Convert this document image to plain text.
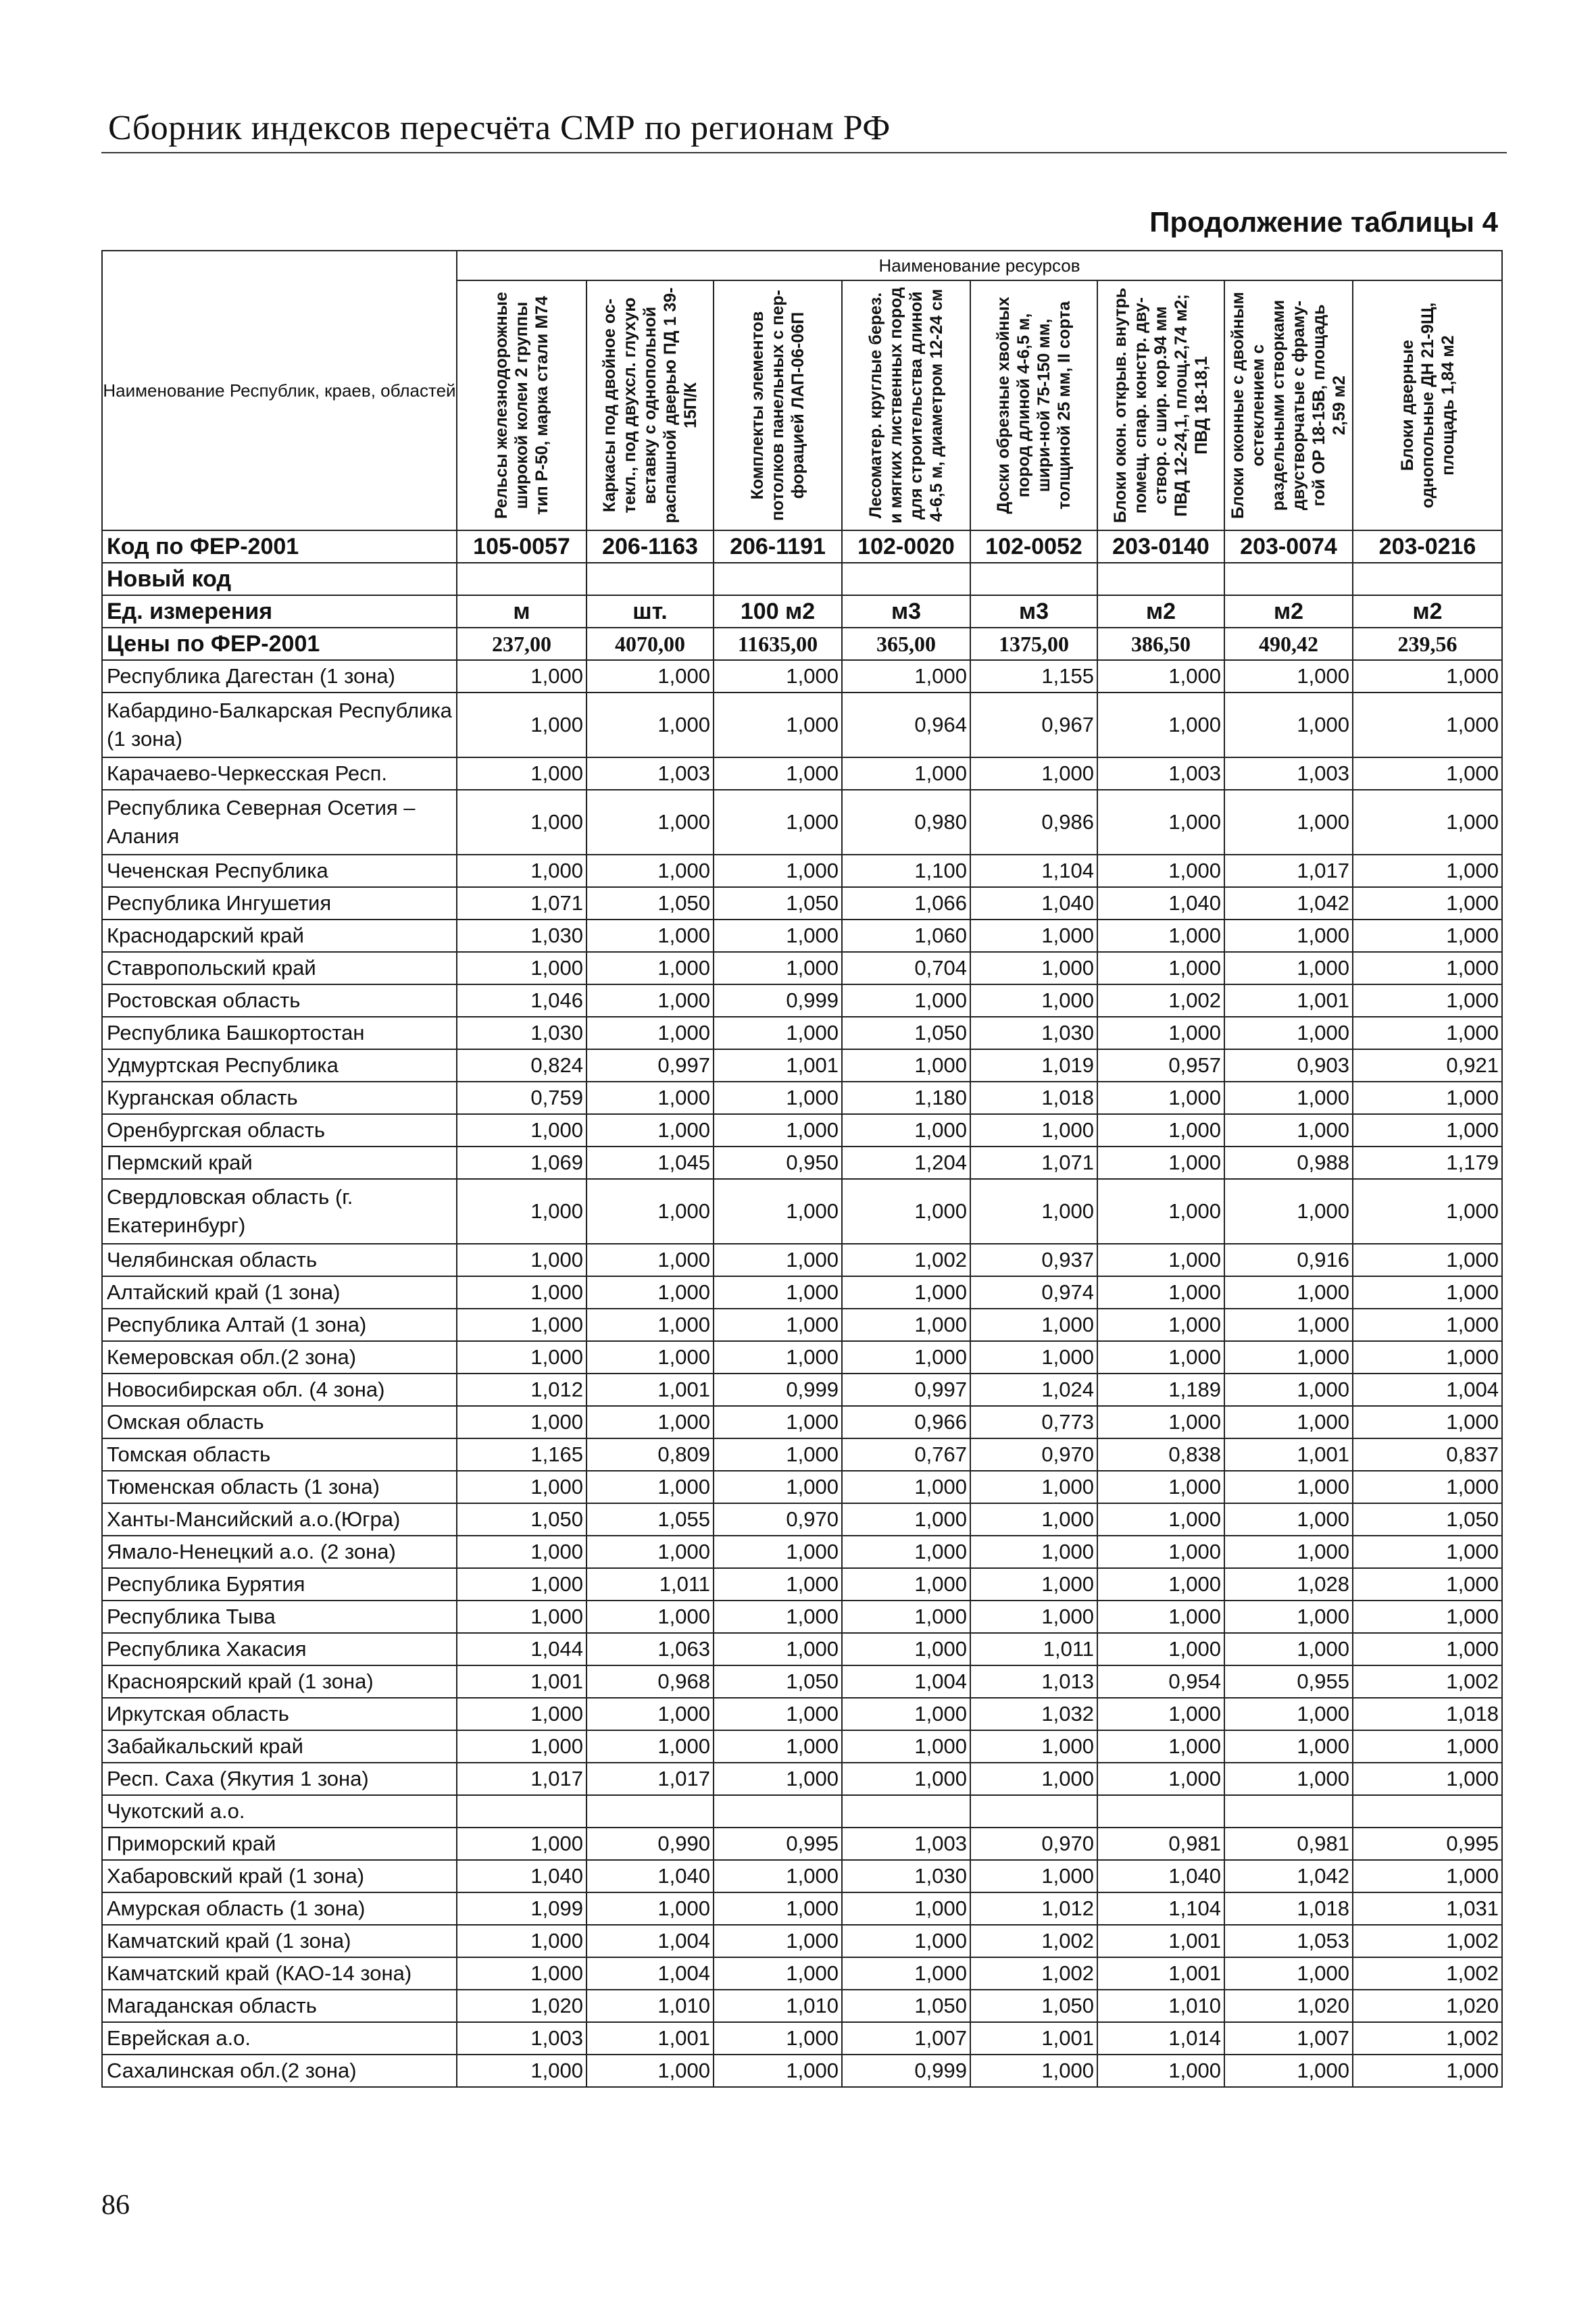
Сборник индексов пересчёта СМР по регионам РФ
Продолжение таблицы 4
Наименование Республик, краев, областей	Наименование ресурсов							

	Рельсы железнодорожные широкой колеи 2 группы тип Р-50, марка стали М74	Каркасы под двойное ос-текл., под двухсл. глухую вставку с однопольной распашной дверью ПД 1 39-15П/К	Комплекты элементов потолков панельных с пер-форацией ЛАП-06-06П	Лесоматер. круглые берез. и мягких лиственных пород для строительства длиной 4-6,5 м, диаметром 12-24 см	Доски обрезные хвойных пород длиной 4-6,5 м, шири-ной 75-150 мм, толщиной 25 мм, II сорта	Блоки окон. открыв. внутрь помещ. спар. констр. дву-створ. с шир. кор.94 мм ПВД 12-24,1, площ.2,74 м2; ПВД 18-18,1	Блоки оконные с двойным остеклением с раздельными створками двустворчатые с фраму-гой ОР 18-15В, площадь 2,59 м2	Блоки дверные однопольные ДН 21-9Щ, площадь 1,84 м2

Код по ФЕР-2001	105-0057	206-1163	206-1191	102-0020	102-0052	203-0140	203-0074	203-0216
Новый код								
Ед. измерения	м	шт.	100 м2	м3	м3	м2	м2	м2
Цены по ФЕР-2001	237,00	4070,00	11635,00	365,00	1375,00	386,50	490,42	239,56
Республика Дагестан (1 зона)	1,000	1,000	1,000	1,000	1,155	1,000	1,000	1,000
Кабардино-Балкарская Республика (1 зона)	1,000	1,000	1,000	0,964	0,967	1,000	1,000	1,000
Карачаево-Черкесская Респ.	1,000	1,003	1,000	1,000	1,000	1,003	1,003	1,000
Республика Северная Осетия – Алания	1,000	1,000	1,000	0,980	0,986	1,000	1,000	1,000
Чеченская Республика	1,000	1,000	1,000	1,100	1,104	1,000	1,017	1,000
Республика Ингушетия	1,071	1,050	1,050	1,066	1,040	1,040	1,042	1,000
Краснодарский край	1,030	1,000	1,000	1,060	1,000	1,000	1,000	1,000
Ставропольский край	1,000	1,000	1,000	0,704	1,000	1,000	1,000	1,000
Ростовская область	1,046	1,000	0,999	1,000	1,000	1,002	1,001	1,000
Республика Башкортостан	1,030	1,000	1,000	1,050	1,030	1,000	1,000	1,000
Удмуртская Республика	0,824	0,997	1,001	1,000	1,019	0,957	0,903	0,921
Курганская область	0,759	1,000	1,000	1,180	1,018	1,000	1,000	1,000
Оренбургская область	1,000	1,000	1,000	1,000	1,000	1,000	1,000	1,000
Пермский край	1,069	1,045	0,950	1,204	1,071	1,000	0,988	1,179
Свердловская область (г. Екатеринбург)	1,000	1,000	1,000	1,000	1,000	1,000	1,000	1,000
Челябинская область	1,000	1,000	1,000	1,002	0,937	1,000	0,916	1,000
Алтайский край (1 зона)	1,000	1,000	1,000	1,000	0,974	1,000	1,000	1,000
Республика Алтай (1 зона)	1,000	1,000	1,000	1,000	1,000	1,000	1,000	1,000
Кемеровская обл.(2 зона)	1,000	1,000	1,000	1,000	1,000	1,000	1,000	1,000
Новосибирская обл. (4 зона)	1,012	1,001	0,999	0,997	1,024	1,189	1,000	1,004
Омская область	1,000	1,000	1,000	0,966	0,773	1,000	1,000	1,000
Томская область	1,165	0,809	1,000	0,767	0,970	0,838	1,001	0,837
Тюменская область (1 зона)	1,000	1,000	1,000	1,000	1,000	1,000	1,000	1,000
Ханты-Мансийский а.о.(Югра)	1,050	1,055	0,970	1,000	1,000	1,000	1,000	1,050
Ямало-Ненецкий а.о. (2 зона)	1,000	1,000	1,000	1,000	1,000	1,000	1,000	1,000
Республика Бурятия	1,000	1,011	1,000	1,000	1,000	1,000	1,028	1,000
Республика Тыва	1,000	1,000	1,000	1,000	1,000	1,000	1,000	1,000
Республика Хакасия	1,044	1,063	1,000	1,000	1,011	1,000	1,000	1,000
Красноярский край (1 зона)	1,001	0,968	1,050	1,004	1,013	0,954	0,955	1,002
Иркутская область	1,000	1,000	1,000	1,000	1,032	1,000	1,000	1,018
Забайкальский край	1,000	1,000	1,000	1,000	1,000	1,000	1,000	1,000
Респ. Саха (Якутия 1 зона)	1,017	1,017	1,000	1,000	1,000	1,000	1,000	1,000
Чукотский а.о.								
Приморский край	1,000	0,990	0,995	1,003	0,970	0,981	0,981	0,995
Хабаровский край (1 зона)	1,040	1,040	1,000	1,030	1,000	1,040	1,042	1,000
Амурская область (1 зона)	1,099	1,000	1,000	1,000	1,012	1,104	1,018	1,031
Камчатский край (1 зона)	1,000	1,004	1,000	1,000	1,002	1,001	1,053	1,002
Камчатский край (КАО-14 зона)	1,000	1,004	1,000	1,000	1,002	1,001	1,000	1,002
Магаданская область	1,020	1,010	1,010	1,050	1,050	1,010	1,020	1,020
Еврейская а.о.	1,003	1,001	1,000	1,007	1,001	1,014	1,007	1,002
Сахалинская обл.(2 зона)	1,000	1,000	1,000	0,999	1,000	1,000	1,000	1,000
86
